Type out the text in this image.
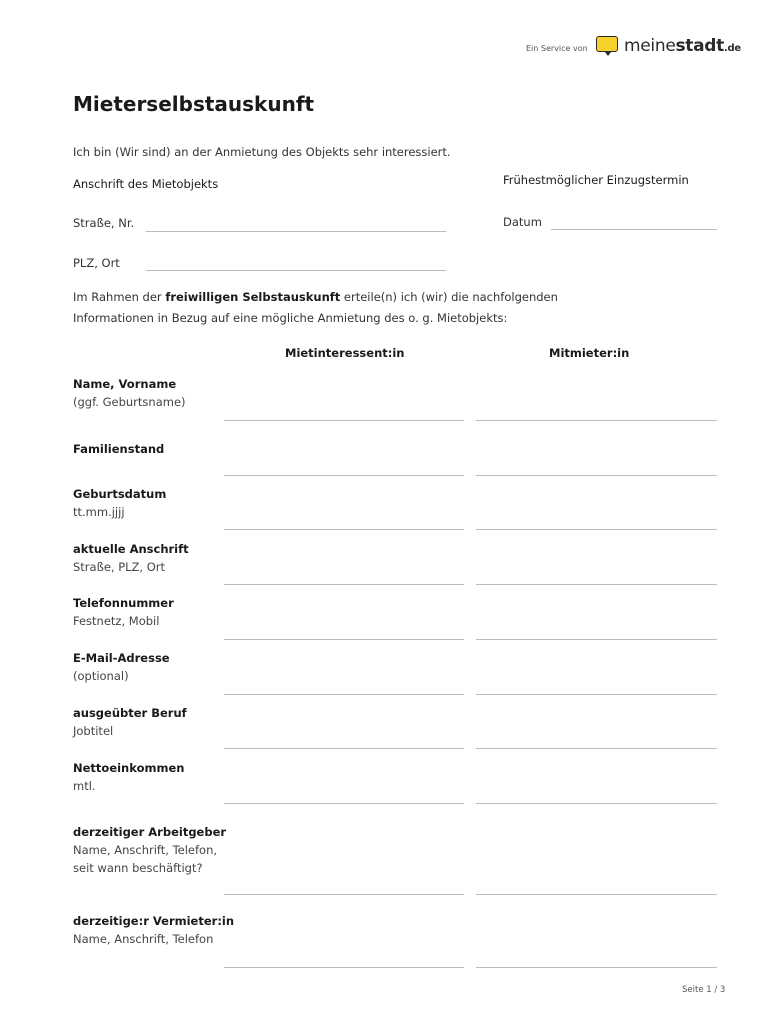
Ein Service von meinestadt.de
Mieterselbstauskunft
Ich bin (Wir sind) an der Anmietung des Objekts sehr interessiert.
Anschrift des Mietobjekts
Straße, Nr.
PLZ, Ort
Frühestmöglicher Einzugstermin
Datum
Im Rahmen der freiwilligen Selbstauskunft erteile(n) ich (wir) die nachfolgenden
Informationen in Bezug auf eine mögliche Anmietung des o. g. Mietobjekts:
Mietinteressent:in	Mitmieter:in
Name, Vorname
(ggf. Geburtsname)
Familienstand
Geburtsdatum
tt.mm.jjjj
aktuelle Anschrift
Straße, PLZ, Ort
Telefonnummer
Festnetz, Mobil
E-Mail-Adresse
(optional)
ausgeübter Beruf
Jobtitel
Nettoeinkommen
mtl.
derzeitiger Arbeitgeber
Name, Anschrift, Telefon,
seit wann beschäftigt?
derzeitige:r Vermieter:in
Name, Anschrift, Telefon
Seite 1 / 3
